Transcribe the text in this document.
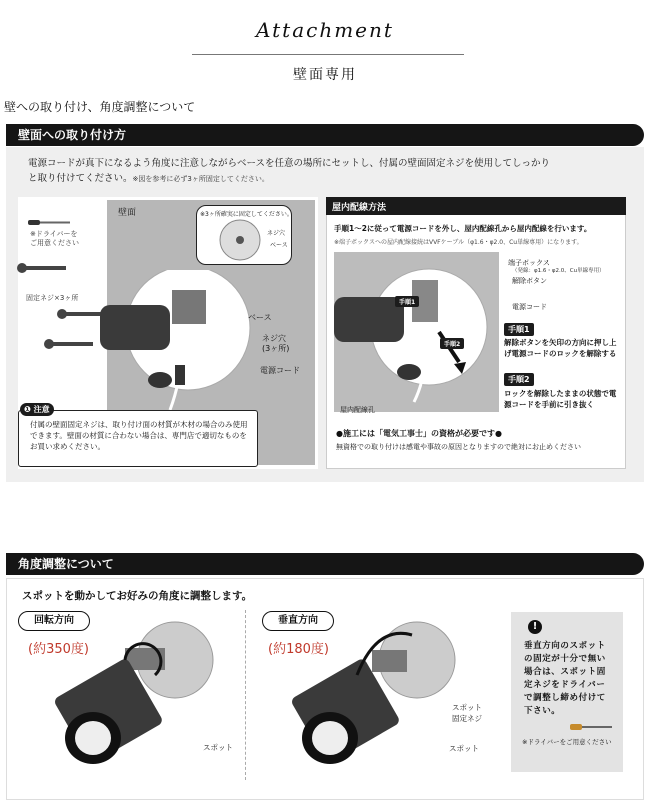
Attachment
壁面専用
壁への取り付け、角度調整について
壁面への取り付け方
電源コードが真下になるよう角度に注意しながらベースを任意の場所にセットし、付属の壁面固定ネジを使用してしっかり
と取り付けてください。※図を参考に必ず3ヶ所固定してください。
壁面
※ドライバーを
ご用意ください
固定ネジ×3ヶ所
ベース
ネジ穴
(3ヶ所)
電源コード
※3ヶ所確実に固定してください。
ネジ穴
ベース
❶ 注意
付属の壁面固定ネジは、取り付け面の材質が木材の場合のみ使用できます。壁面の材質に合わない場合は、専門店で適切なものをお買い求めください。
屋内配線方法
手順1～2に従って電源コードを外し、屋内配線孔から屋内配線を行います。
※端子ボックスへの屋内配線接続はVVFケーブル（φ1.6・φ2.0、Cu単線専用）になります。
手順1
手順2
端子ボックス
（発線：φ1.6・φ2.0、Cu単線専用）
解除ボタン
電源コード
屋内配線孔
手順1
解除ボタンを矢印の方向に押し上げ電源コードのロックを解除する
手順2
ロックを解除したままの状態で電源コードを手前に引き抜く
●施工には「電気工事士」の資格が必要です●
無資格での取り付けは感電や事故の原因となりますので絶対にお止めください
角度調整について
スポットを動かしてお好みの角度に調整します。
回転方向
(約350度)
スポット
垂直方向
(約180度)
スポット
固定ネジ
スポット
!
垂直方向のスポットの固定が十分で無い場合は、スポット固定ネジをドライバーで調整し締め付けて下さい。
※ドライバーをご用意ください
